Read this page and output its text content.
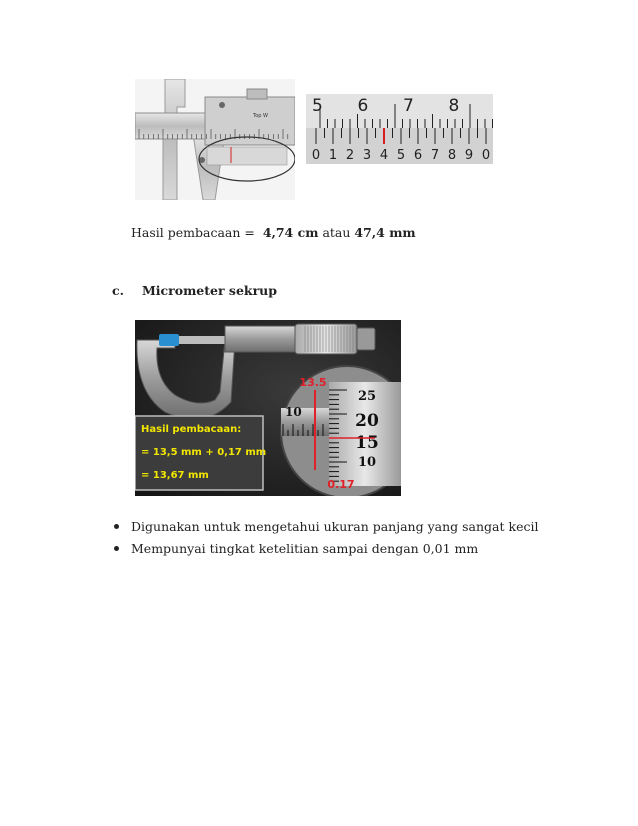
Top W	5 6 7 8
0 1 2 3 4 5 6 7 8 9 0
Hasil pembacaan = 4,74 cm atau 47,4 mm
c. Micrometer sekrup
10
25
20
15
10
13.5
0.17
Hasil pembacaan:
= 13,5 mm + 0,17 mm
= 13,67 mm
Digunakan untuk mengetahui ukuran panjang yang sangat kecil
Mempunyai tingkat ketelitian sampai dengan 0,01 mm
